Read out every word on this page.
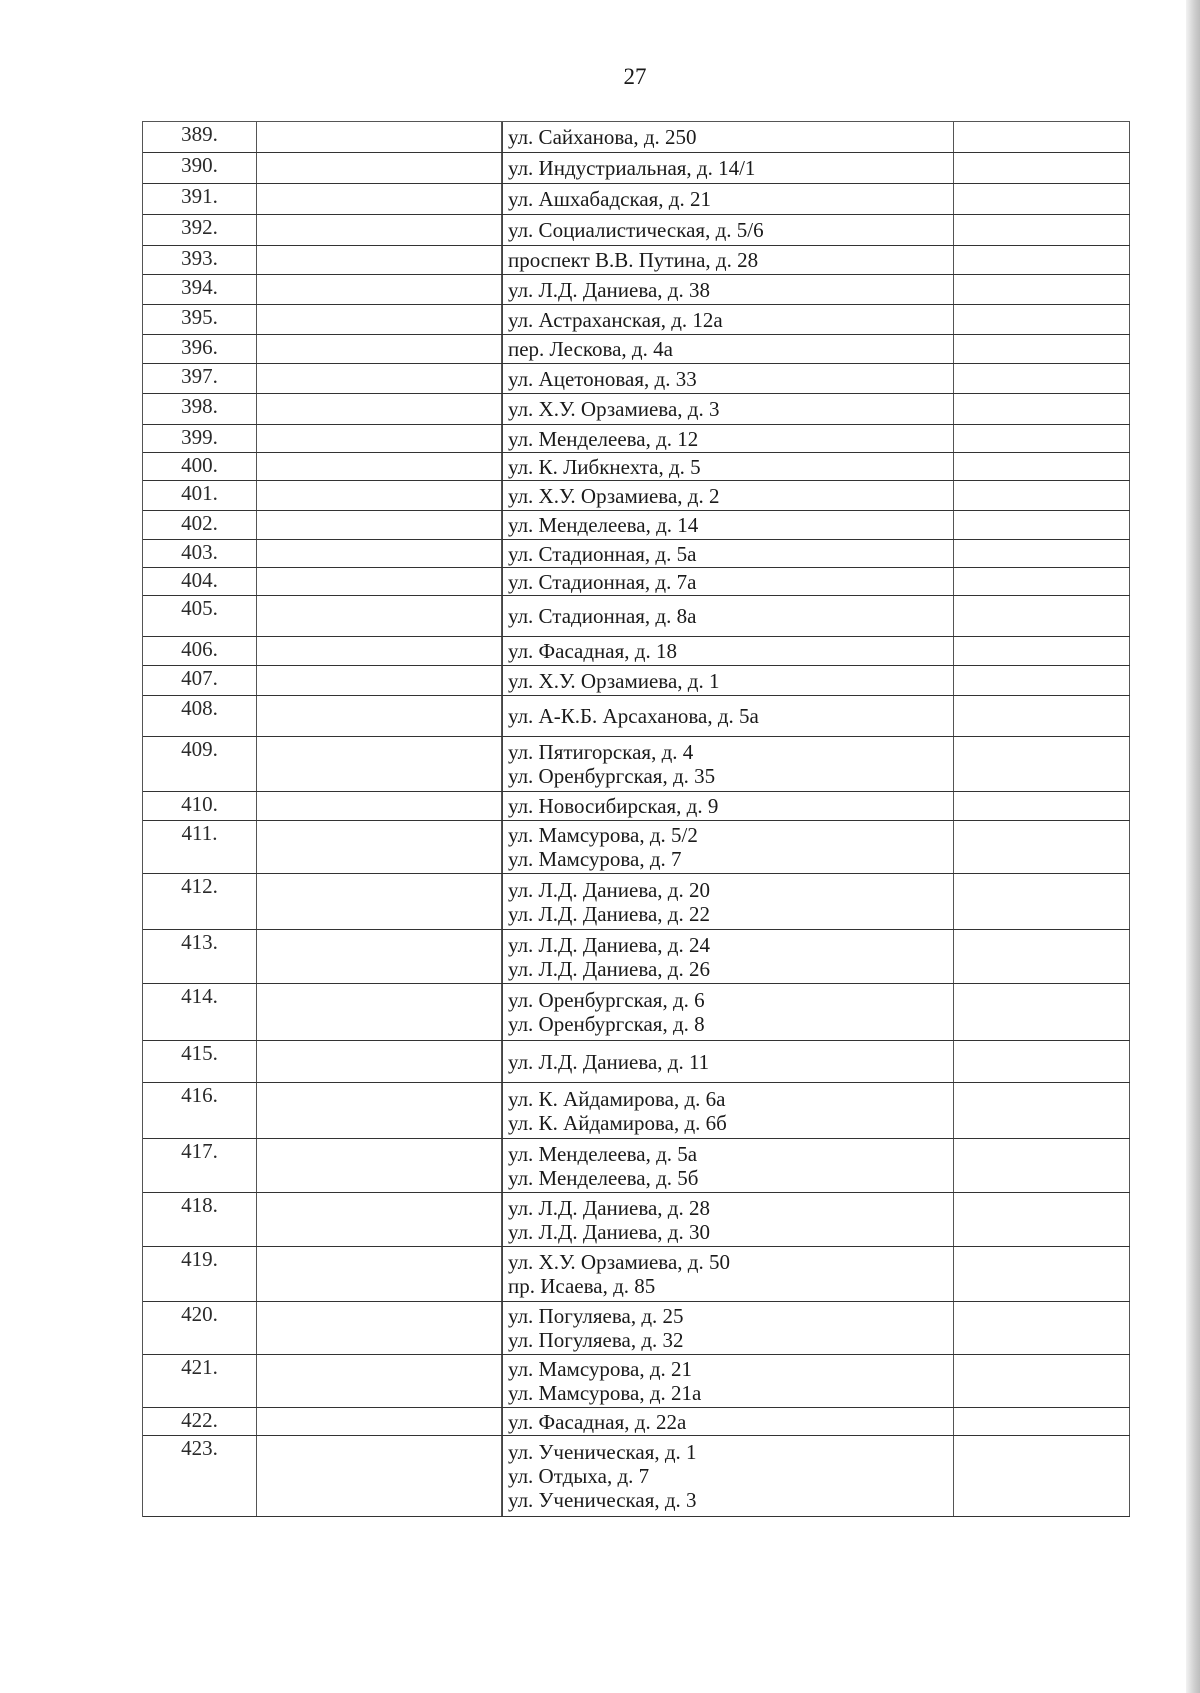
27
389.	ул. Сайханова, д. 250
390.	ул. Индустриальная, д. 14/1
391.	ул. Ашхабадская, д. 21
392.	ул. Социалистическая, д. 5/6
393.	проспект В.В. Путина, д. 28
394.	ул. Л.Д. Даниева, д. 38
395.	ул. Астраханская, д. 12а
396.	пер. Лескова, д. 4а
397.	ул. Ацетоновая, д. 33
398.	ул. Х.У. Орзамиева, д. 3
399.	ул. Менделеева, д. 12
400.	ул. К. Либкнехта, д. 5
401.	ул. Х.У. Орзамиева, д. 2
402.	ул. Менделеева, д. 14
403.	ул. Стадионная, д. 5а
404.	ул. Стадионная, д. 7а
405.	ул. Стадионная, д. 8а
406.	ул. Фасадная, д. 18
407.	ул. Х.У. Орзамиева, д. 1
408.	ул. А-К.Б. Арсаханова, д. 5а
409.	ул. Пятигорская, д. 4
ул. Оренбургская, д. 35
410.	ул. Новосибирская, д. 9
411.	ул. Мамсурова, д. 5/2
ул. Мамсурова, д. 7
412.	ул. Л.Д. Даниева, д. 20
ул. Л.Д. Даниева, д. 22
413.	ул. Л.Д. Даниева, д. 24
ул. Л.Д. Даниева, д. 26
414.	ул. Оренбургская, д. 6
ул. Оренбургская, д. 8
415.	ул. Л.Д. Даниева, д. 11
416.	ул. К. Айдамирова, д. 6а
ул. К. Айдамирова, д. 6б
417.	ул. Менделеева, д. 5а
ул. Менделеева, д. 5б
418.	ул. Л.Д. Даниева, д. 28
ул. Л.Д. Даниева, д. 30
419.	ул. Х.У. Орзамиева, д. 50
пр. Исаева, д. 85
420.	ул. Погуляева, д. 25
ул. Погуляева, д. 32
421.	ул. Мамсурова, д. 21
ул. Мамсурова, д. 21а
422.	ул. Фасадная, д. 22а
423.	ул. Ученическая, д. 1
ул. Отдыха, д. 7
ул. Ученическая, д. 3
